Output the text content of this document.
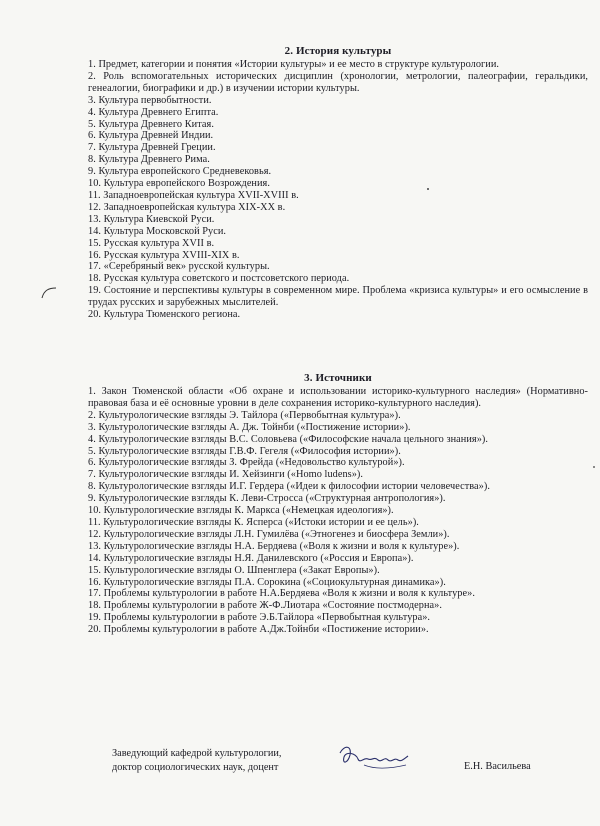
2. История культуры

1. Предмет, категории и понятия «Истории культуры» и ее место в структуре культурологии.

2. Роль вспомогательных исторических дисциплин (хронологии, метрологии, палеографии, геральдики, генеалогии, биографики и др.) в изучении истории культуры.

3. Культура первобытности.

4. Культура Древнего Египта.

5. Культура Древнего Китая.

6. Культура Древней Индии.

7. Культура Древней Греции.

8. Культура Древнего Рима.

9. Культура европейского Средневековья.

10. Культура европейского Возрождения.

11. Западноевропейская культура XVII-XVIII в.

12. Западноевропейская культура XIX-XX в.

13. Культура Киевской Руси.

14. Культура Московской Руси.

15. Русская культура XVII в.

16. Русская культура XVIII-XIX в.

17. «Серебряный век» русской культуры.

18. Русская культура советского и постсоветского периода.

19. Состояние и перспективы культуры в современном мире. Проблема «кризиса культуры» и его осмысление в трудах русских и зарубежных мыслителей.

20. Культура Тюменского региона.

3. Источники

1. Закон Тюменской области «Об охране и использовании историко-культурного наследия» (Нормативно-правовая база и её основные уровни в деле сохранения историко-культурного наследия).

2. Культурологические взгляды Э. Тайлора («Первобытная культура»).

3. Культурологические взгляды А. Дж. Тойнби («Постижение истории»).

4. Культурологические взгляды B.C. Соловьева («Философские начала цельного знания»).

5. Культурологические взгляды Г.В.Ф. Гегеля («Философия истории»).

6. Культурологические взгляды З. Фрейда («Недовольство культурой»).

7. Культурологические взгляды И. Хейзинги («Homo ludens»).

8. Культурологические взгляды И.Г. Гердера («Идеи к философии истории человечества»).

9. Культурологические взгляды К. Леви-Стросса («Структурная антропология»).

10. Культурологические взгляды К. Маркса («Немецкая идеология»).

11. Культурологические взгляды К. Ясперса («Истоки истории и ее цель»).

12. Культурологические взгляды Л.Н. Гумилёва («Этногенез и биосфера Земли»).

13. Культурологические взгляды Н.А. Бердяева («Воля к жизни и воля к культуре»).

14. Культурологические взгляды Н.Я. Данилевского («Россия и Европа»).

15. Культурологические взгляды О. Шпенглера («Закат Европы»).

16. Культурологические взгляды П.А. Сорокина («Социокультурная динамика»).

17. Проблемы культурологии в работе Н.А.Бердяева «Воля к жизни и воля к культуре».

18. Проблемы культурологии в работе Ж-Ф.Лиотара «Состояние постмодерна».

19. Проблемы культурологии в работе Э.Б.Тайлора «Первобытная культура».

20. Проблемы культурологии в работе А.Дж.Тойнби «Постижение истории».

Заведующий кафедрой культурологии,
доктор социологических наук, доцент	Е.Н. Васильева
